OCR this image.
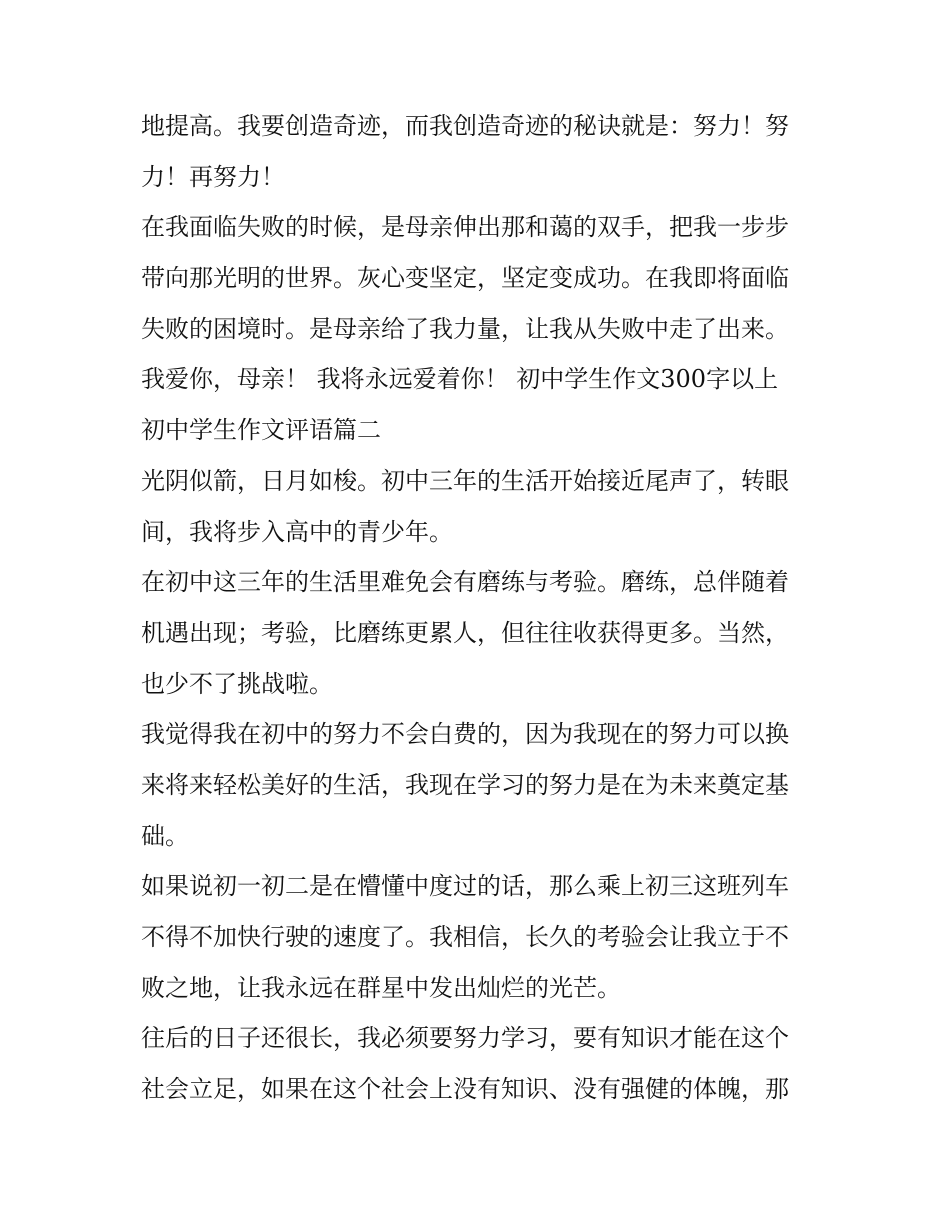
地提高。我要创造奇迹，而我创造奇迹的秘诀就是：努力！努
力！再努力！
在我面临失败的时候，是母亲伸出那和蔼的双手，把我一步步
带向那光明的世界。灰心变坚定，坚定变成功。在我即将面临
失败的困境时。是母亲给了我力量，让我从失败中走了出来。
我爱你，母亲！ 我将永远爱着你！ 初中学生作文300字以上
初中学生作文评语篇二
光阴似箭，日月如梭。初中三年的生活开始接近尾声了，转眼
间，我将步入高中的青少年。
在初中这三年的生活里难免会有磨练与考验。磨练，总伴随着
机遇出现；考验，比磨练更累人，但往往收获得更多。当然，
也少不了挑战啦。
我觉得我在初中的努力不会白费的，因为我现在的努力可以换
来将来轻松美好的生活，我现在学习的努力是在为未来奠定基
础。
如果说初一初二是在懵懂中度过的话，那么乘上初三这班列车
不得不加快行驶的速度了。我相信，长久的考验会让我立于不
败之地，让我永远在群星中发出灿烂的光芒。
往后的日子还很长，我必须要努力学习，要有知识才能在这个
社会立足，如果在这个社会上没有知识、没有强健的体魄，那
